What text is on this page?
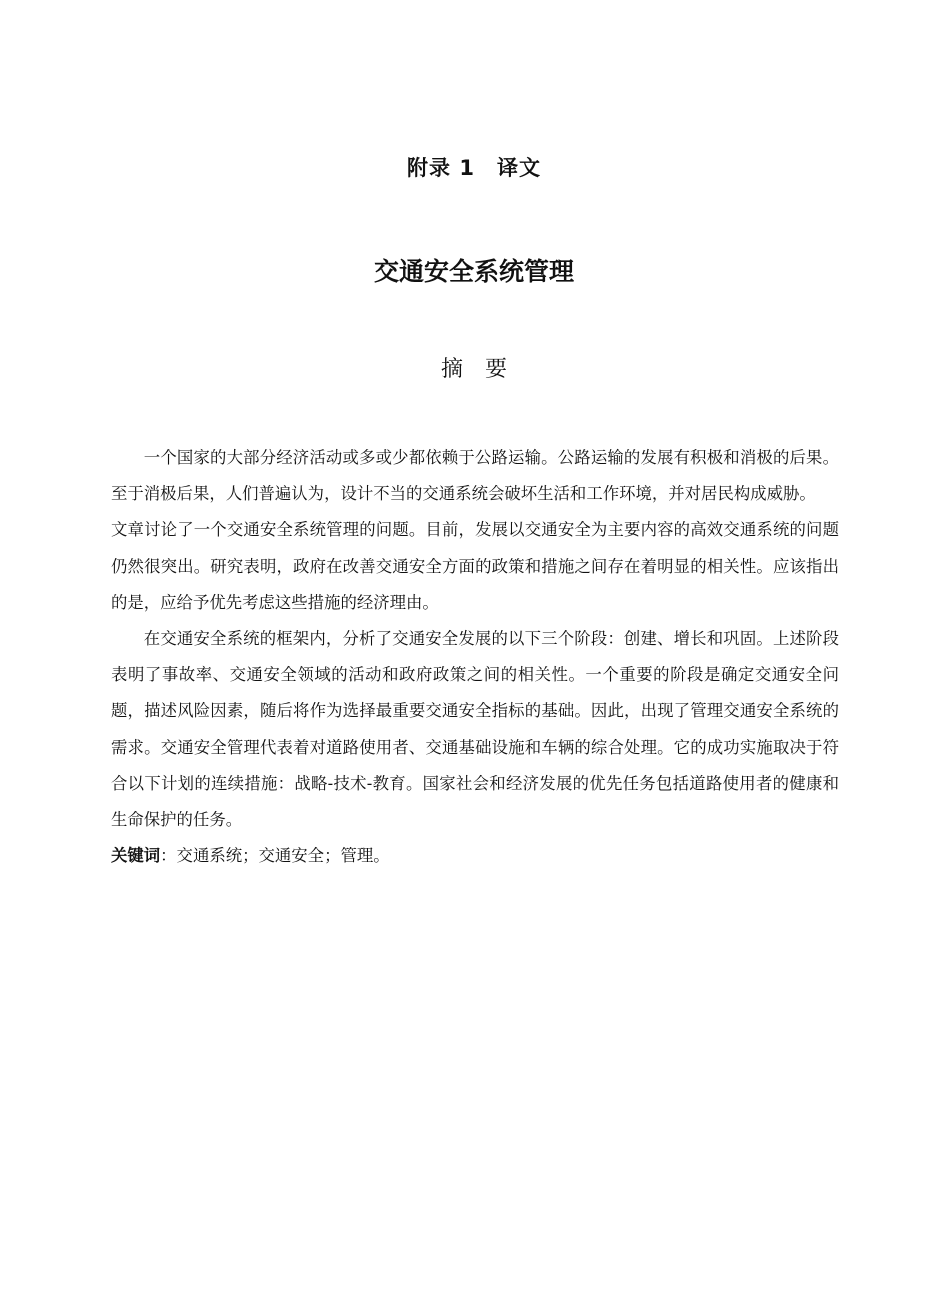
附录 1　译文
交通安全系统管理
摘　要

一个国家的大部分经济活动或多或少都依赖于公路运输。公路运输的发展有积极和消极的后果。至于消极后果，人们普遍认为，设计不当的交通系统会破坏生活和工作环境，并对居民构成威胁。

文章讨论了一个交通安全系统管理的问题。目前，发展以交通安全为主要内容的高效交通系统的问题仍然很突出。研究表明，政府在改善交通安全方面的政策和措施之间存在着明显的相关性。应该指出的是，应给予优先考虑这些措施的经济理由。

在交通安全系统的框架内，分析了交通安全发展的以下三个阶段：创建、增长和巩固。上述阶段表明了事故率、交通安全领域的活动和政府政策之间的相关性。一个重要的阶段是确定交通安全问题，描述风险因素，随后将作为选择最重要交通安全指标的基础。因此，出现了管理交通安全系统的需求。交通安全管理代表着对道路使用者、交通基础设施和车辆的综合处理。它的成功实施取决于符合以下计划的连续措施：战略-技术-教育。国家社会和经济发展的优先任务包括道路使用者的健康和生命保护的任务。

关键词：交通系统；交通安全；管理。
